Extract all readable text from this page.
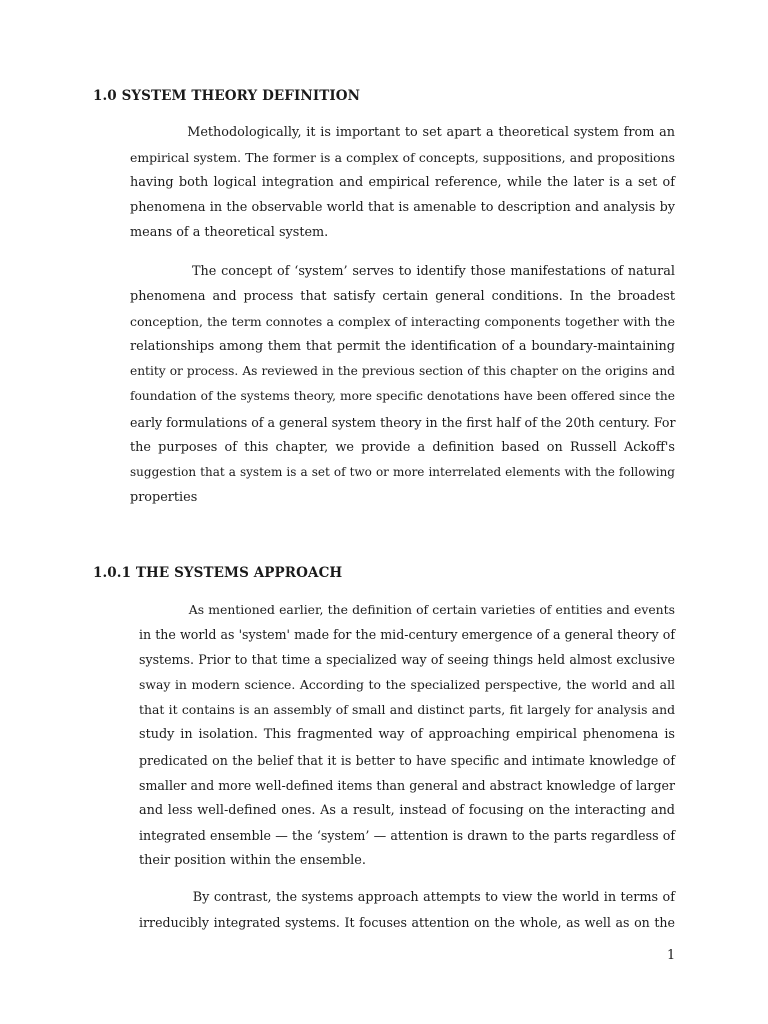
1.0 SYSTEM THEORY DEFINITION

Methodologically, it is important to set apart a theoretical system from an
empirical system. The former is a complex of concepts, suppositions, and propositions
having both logical integration and empirical reference, while the later is a set of
phenomena in the observable world that is amenable to description and analysis by
means of a theoretical system.

The concept of ‘system’ serves to identify those manifestations of natural
phenomena and process that satisfy certain general conditions. In the broadest
conception, the term connotes a complex of interacting components together with the
relationships among them that permit the identification of a boundary-maintaining
entity or process. As reviewed in the previous section of this chapter on the origins and
foundation of the systems theory, more specific denotations have been offered since the
early formulations of a general system theory in the first half of the 20th century. For
the purposes of this chapter, we provide a definition based on Russell Ackoff's
suggestion that a system is a set of two or more interrelated elements with the following
properties

1.0.1 THE SYSTEMS APPROACH

As mentioned earlier, the definition of certain varieties of entities and events
in the world as 'system' made for the mid-century emergence of a general theory of
systems. Prior to that time a specialized way of seeing things held almost exclusive
sway in modern science. According to the specialized perspective, the world and all
that it contains is an assembly of small and distinct parts, fit largely for analysis and
study in isolation. This fragmented way of approaching empirical phenomena is
predicated on the belief that it is better to have specific and intimate knowledge of
smaller and more well-defined items than general and abstract knowledge of larger
and less well-defined ones. As a result, instead of focusing on the interacting and
integrated ensemble — the ‘system’ — attention is drawn to the parts regardless of
their position within the ensemble.

By contrast, the systems approach attempts to view the world in terms of
irreducibly integrated systems. It focuses attention on the whole, as well as on the

1
